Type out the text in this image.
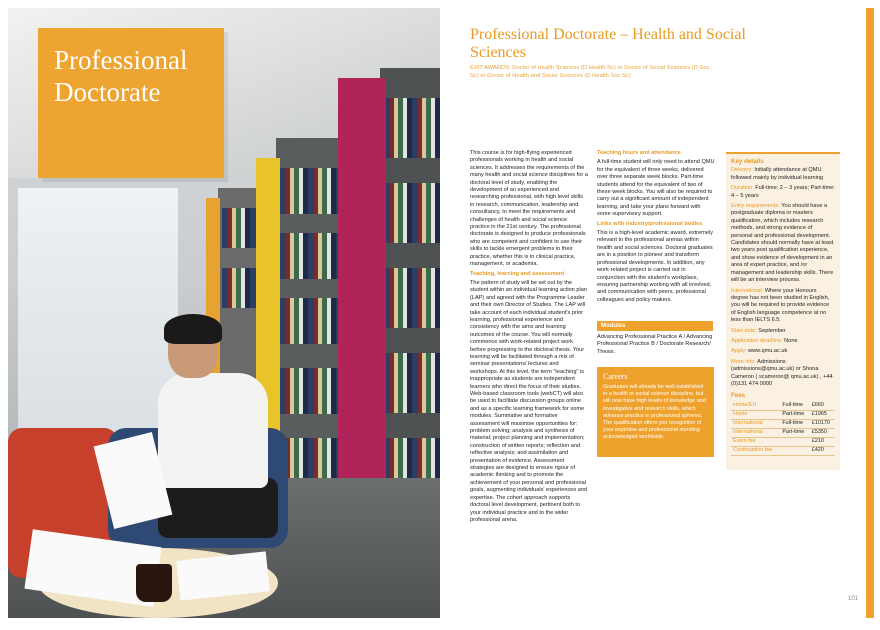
Professional Doctorate
Professional Doctorate – Health and Social Sciences
EXIT AWARDS: Doctor of Health Sciences (D Health Sc) or Doctor of Social Sciences (D Soc Sc) or Doctor of Health and Social Sciences (D Health Soc Sc)

This course is for high-flying experienced professionals working in health and social sciences. It addresses the requirements of the many health and social science disciplines for a doctoral level of study, enabling the development of an experienced and researching professional, with high level skills in research, communication, leadership and consultancy, to meet the requirements and challenges of health and social science practice in the 21st century. The professional doctorate is designed to produce professionals who are competent and confident to use their skills to tackle emergent problems in their practice, whether this is in clinical practice, management, or academia.

Teaching, learning and assessment

The pattern of study will be set out by the student within an individual learning action plan (LAP) and agreed with the Programme Leader and their own Director of Studies. The LAP will take account of each individual student's prior learning, professional experience and consistency with the aims and learning outcomes of the course. You will normally commence with work-related project work before progressing to the doctoral thesis. Your learning will be facilitated through a mix of seminar presentations/ lectures and workshops. At this level, the term "teaching" is inappropriate as students are independent learners who direct the focus of their studies. Web-based classroom tools (webCT) will also be used to facilitate discussion groups online and as a specific learning framework for some modules. Summative and formative assessment will maximise opportunities for: problem solving; analysis and synthesis of material; project planning and implementation; construction of written reports; reflection and reflective analysis; and assimilation and presentation of evidence. Assessment strategies are designed to ensure rigour of academic thinking and to promote the achievement of your personal and professional goals, augmenting individuals' experiences and expertise. The cohort approach supports doctoral level development, pertinent both to your individual practice and to the wider professional arena.

Teaching hours and attendance

A full-time student will only need to attend QMU for the equivalent of three weeks, delivered over three separate week blocks. Part-time students attend for the equivalent of two of these week blocks. You will also be required to carry out a significant amount of independent learning, and take your plans forward with some supervisory support.

Links with industry/professional bodies

This is a high-level academic award, extremely relevant to the professional arenas within health and social sciences. Doctoral graduates are in a position to pioneer and transform professional developments. In addition, any work-related project is carried out in conjunction with the student's workplace, ensuring partnership working with all involved, and communication with peers, professional colleagues and policy makers.

Modules
Advancing Professional Practice A / Advancing Professional Practice B / Doctorate Research/ Thesis.
Careers
Graduates will already be well established in a health or social science discipline, but will now have high levels of knowledge and investigative and research skills, which advance practice in professional spheres. The qualification offers you recognition of your expertise and professional standing acknowledged worldwide.
Key details

Delivery: Initially attendance at QMU followed mainly by individual learning

Duration: Full-time: 2 – 3 years; Part-time: 4 – 5 years

Entry requirements: You should have a postgraduate diploma or masters qualification, which includes research methods, and strong evidence of personal and professional development. Candidates should normally have at least two years post qualification experience, and show evidence of development in an area of expert practice, and /or management and leadership skills. There will be an interview process.

International: Where your Honours degree has not been studied in English, you will be required to provide evidence of English language competence at no less than IELTS 6.5.

Start date: September

Application deadline: None

Apply: www.qmu.ac.uk

More info: Admissions (admissions@qmu.ac.uk) or Shona Cameron ( scameron@ qmu.ac.uk) , +44 (0)131 474 0000

Fees
Home/EU	Full-time	£660
Home	Part-time	£1965
International	Full-time	£10170
International	Part-time	£5350
Exam fee		£210
Continuation fee		£420
101
